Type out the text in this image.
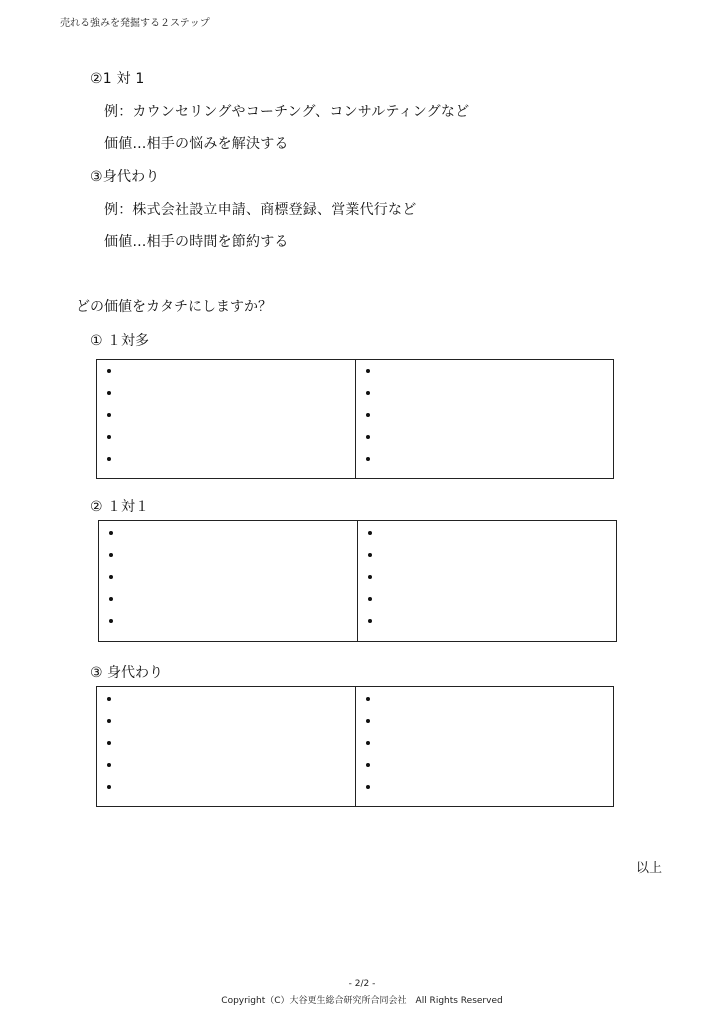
売れる強みを発掘する２ステップ
②1 対 1
例：カウンセリングやコーチング、コンサルティングなど
価値…相手の悩みを解決する
③身代わり
例：株式会社設立申請、商標登録、営業代行など
価値…相手の時間を節約する
どの価値をカタチにしますか？
① １対多
② １対１
③ 身代わり
以上
- 2/2 -
Copyright（C）大谷更生総合研究所合同会社　All Rights Reserved
